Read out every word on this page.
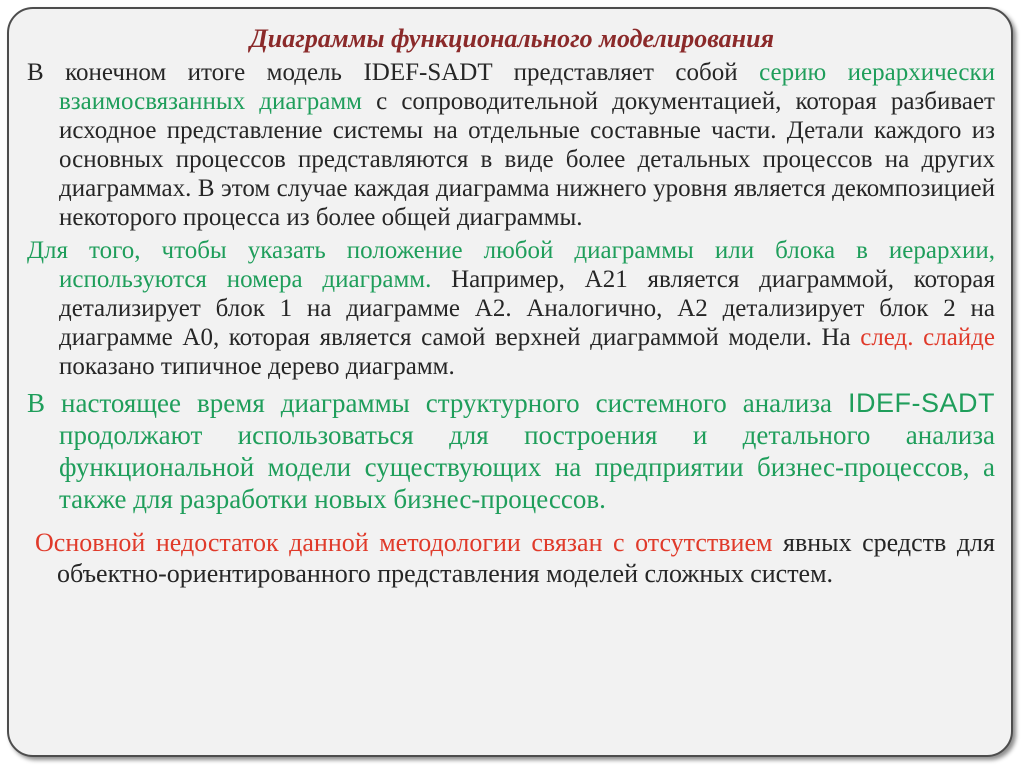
Диаграммы функционального моделирования

В конечном итоге модель IDEF-SADT представляет собой серию иерархически взаимосвязанных диаграмм с сопроводительной документацией, которая разбивает исходное представление системы на отдельные составные части. Детали каждого из основных процессов представляются в виде более детальных процессов на других диаграммах. В этом случае каждая диаграмма нижнего уровня является декомпозицией некоторого процесса из более общей диаграммы.

Для того, чтобы указать положение любой диаграммы или блока в иерархии, используются номера диаграмм. Например, А21 является диаграммой, которая детализирует блок 1 на диаграмме А2. Аналогично, А2 детализирует блок 2 на диаграмме А0, которая является самой верхней диаграммой модели. На след. слайде показано типичное дерево диаграмм.

В настоящее время диаграммы структурного системного анализа IDEF-SADT продолжают использоваться для построения и детального анализа функциональной модели существующих на предприятии бизнес-процессов, а также для разработки новых бизнес-процессов.

Основной недостаток данной методологии связан с отсутствием явных средств для объектно-ориентированного представления моделей сложных систем.
